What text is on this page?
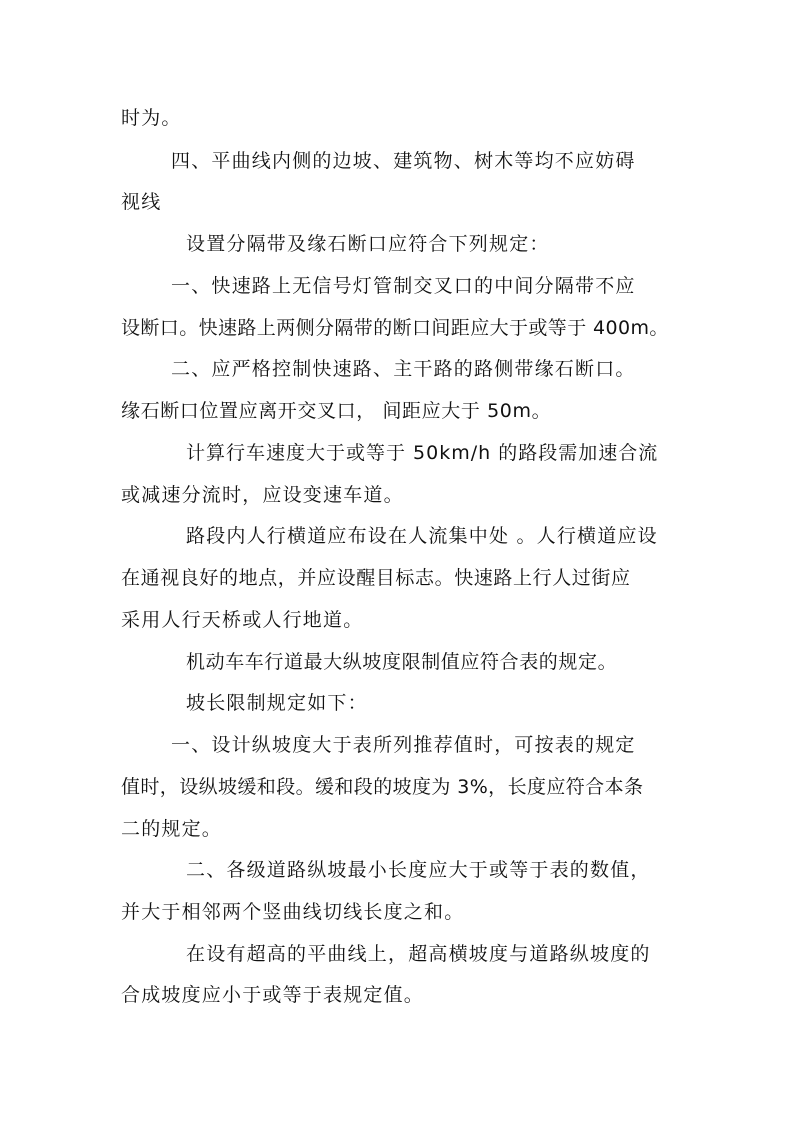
时为。
四、平曲线内侧的边坡、建筑物、树木等均不应妨碍
视线
设置分隔带及缘石断口应符合下列规定：
一、快速路上无信号灯管制交叉口的中间分隔带不应
设断口。快速路上两侧分隔带的断口间距应大于或等于 400m。
二、应严格控制快速路、主干路的路侧带缘石断口。
缘石断口位置应离开交叉口， 间距应大于 50m。
计算行车速度大于或等于 50km/h 的路段需加速合流
或减速分流时，应设变速车道。
路段内人行横道应布设在人流集中处 。人行横道应设
在通视良好的地点，并应设醒目标志。快速路上行人过街应
采用人行天桥或人行地道。
机动车车行道最大纵坡度限制值应符合表的规定。
坡长限制规定如下：
一、设计纵坡度大于表所列推荐值时，可按表的规定
值时，设纵坡缓和段。缓和段的坡度为 3%，长度应符合本条
二的规定。
二、各级道路纵坡最小长度应大于或等于表的数值，
并大于相邻两个竖曲线切线长度之和。
在设有超高的平曲线上，超高横坡度与道路纵坡度的
合成坡度应小于或等于表规定值。
